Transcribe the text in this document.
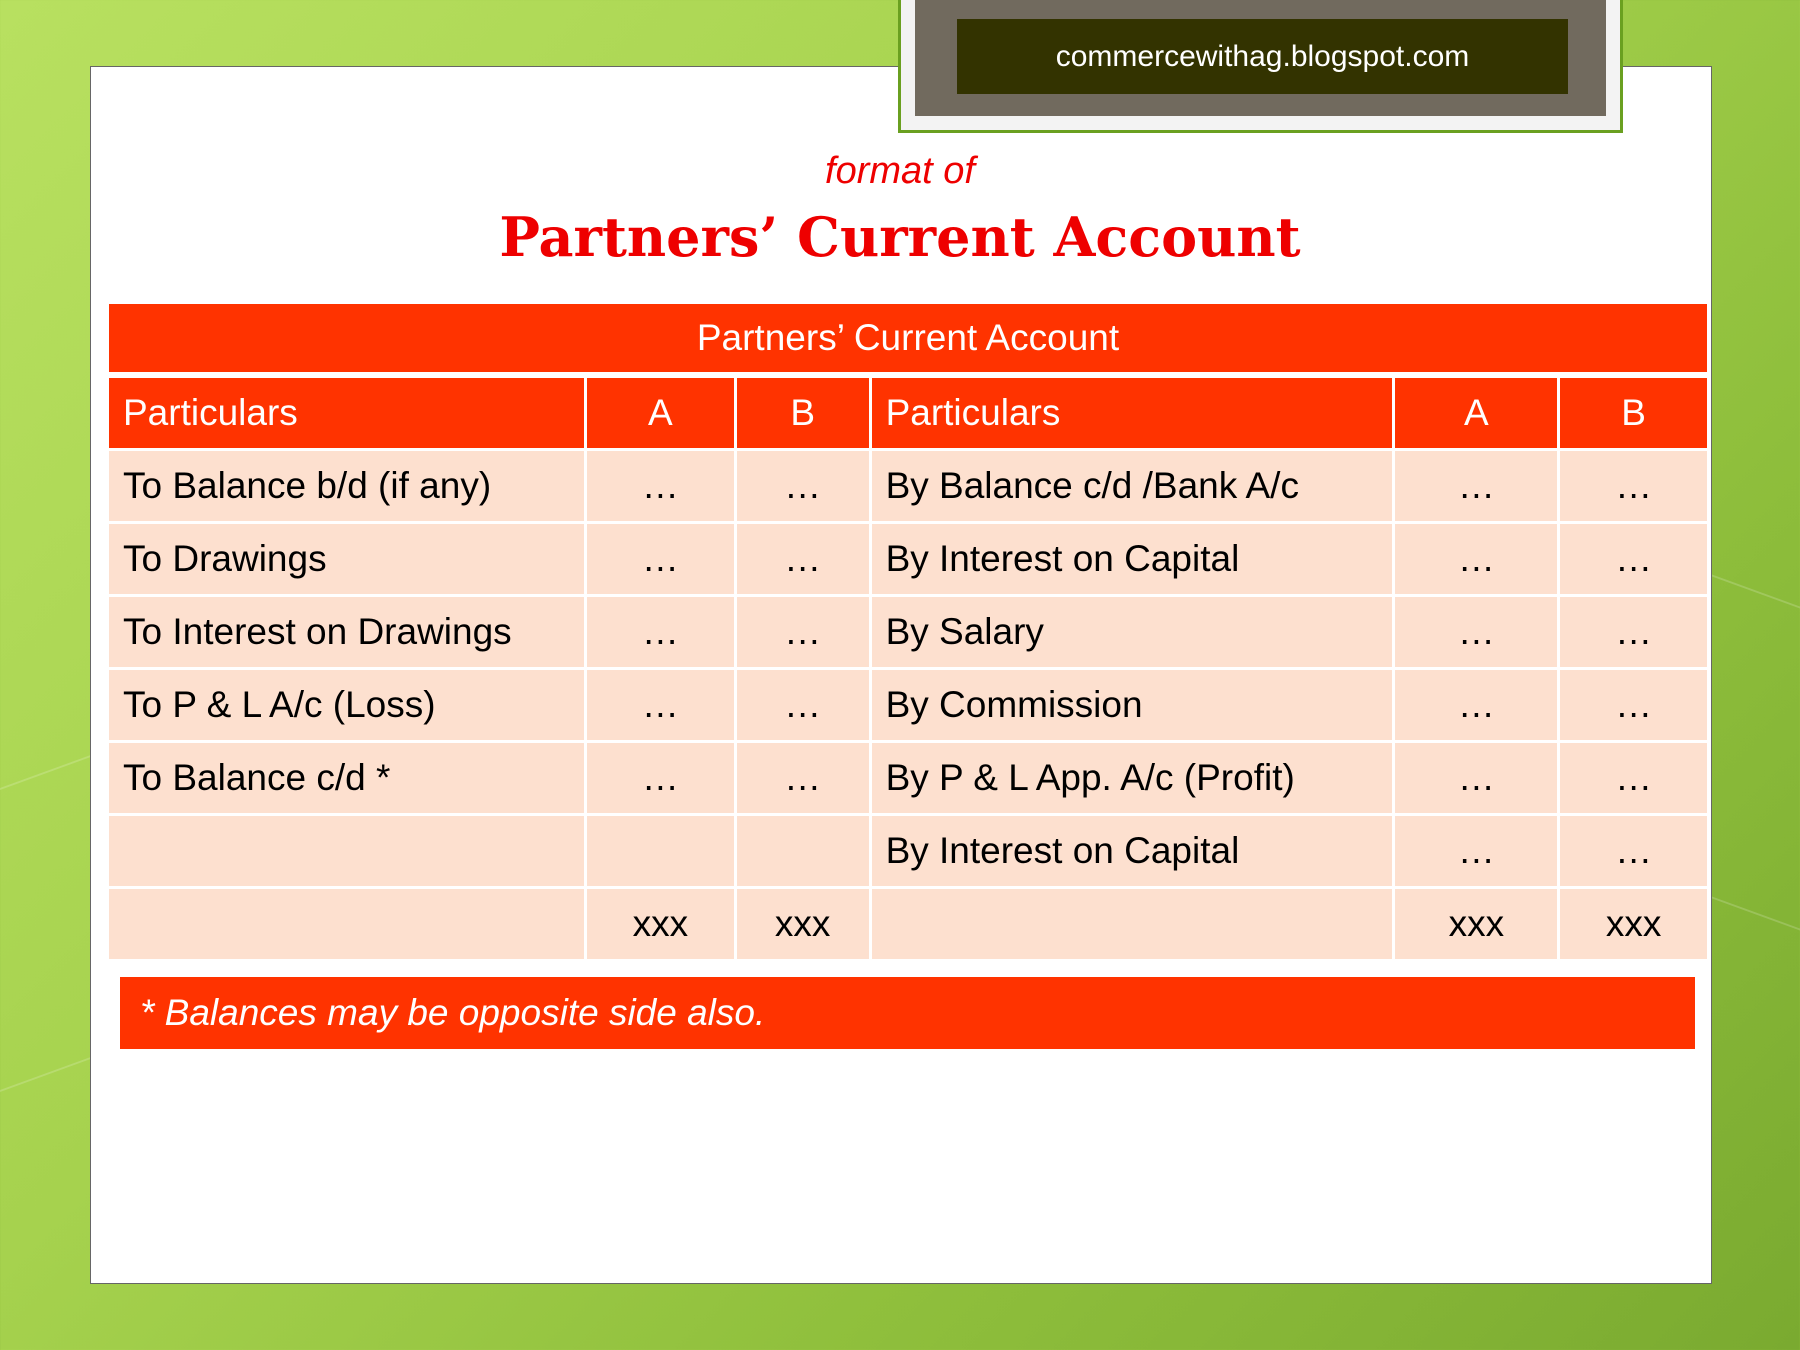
commercewithag.blogspot.com
format of
Partners’ Current Account
Partners’ Current Account					
Particulars	A	B	Particulars	A	B
To Balance b/d (if any)	…	…	By Balance c/d /Bank A/c	…	…
To Drawings	…	…	By Interest on Capital	…	…
To Interest on Drawings	…	…	By Salary	…	…
To P & L A/c (Loss)	…	…	By Commission	…	…
To Balance c/d *	…	…	By P & L App. A/c (Profit)	…	…
			By Interest on Capital	…	…
	xxx	xxx		xxx	xxx
* Balances may be opposite side also.
